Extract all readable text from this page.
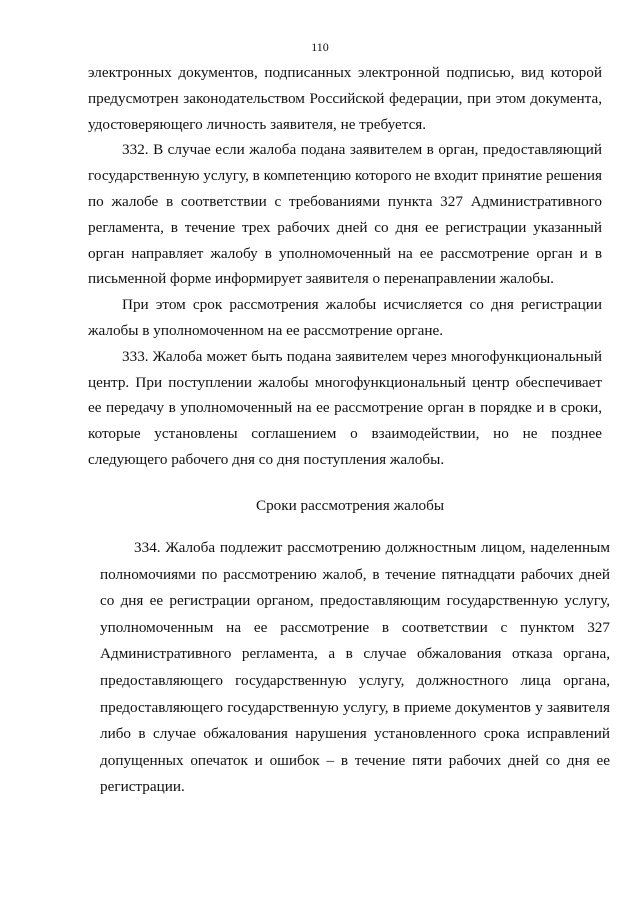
110

электронных документов, подписанных электронной подписью, вид которой предусмотрен законодательством Российской федерации, при этом документа, удостоверяющего личность заявителя, не требуется.

332. В случае если жалоба подана заявителем в орган, предоставляющий государственную услугу, в компетенцию которого не входит принятие решения по жалобе в соответствии с требованиями пункта 327 Административного регламента, в течение трех рабочих дней со дня ее регистрации указанный орган направляет жалобу в уполномоченный на ее рассмотрение орган и в письменной форме информирует заявителя о перенаправлении жалобы.

При этом срок рассмотрения жалобы исчисляется со дня регистрации жалобы в уполномоченном на ее рассмотрение органе.

333. Жалоба может быть подана заявителем через многофункциональный центр. При поступлении жалобы многофункциональный центр обеспечивает ее передачу в уполномоченный на ее рассмотрение орган в порядке и в сроки, которые установлены соглашением о взаимодействии, но не позднее следующего рабочего дня со дня поступления жалобы.

Сроки рассмотрения жалобы

334. Жалоба подлежит рассмотрению должностным лицом, наделенным полномочиями по рассмотрению жалоб, в течение пятнадцати рабочих дней со дня ее регистрации органом, предоставляющим государственную услугу, уполномоченным на ее рассмотрение в соответствии с пунктом 327 Административного регламента, а в случае обжалования отказа органа, предоставляющего государственную услугу, должностного лица органа, предоставляющего государственную услугу, в приеме документов у заявителя либо в случае обжалования нарушения установленного срока исправлений допущенных опечаток и ошибок – в течение пяти рабочих дней со дня ее регистрации.
